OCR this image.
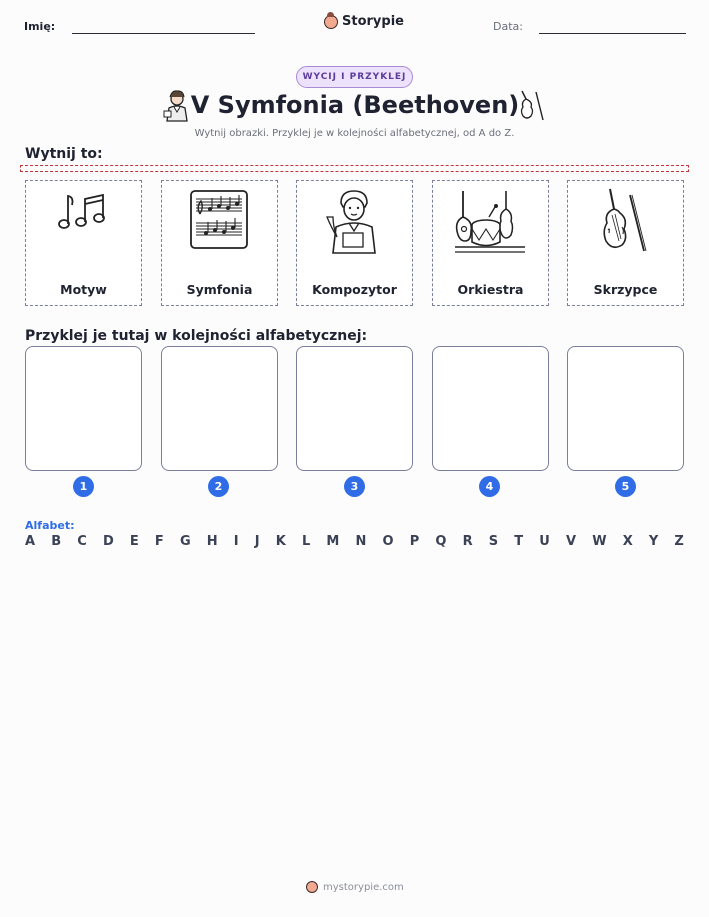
Imię:	Storypie	Data:
WYCIJ I PRZYKLEJ
V Symfonia (Beethoven)
Wytnij obrazki. Przyklej je w kolejności alfabetycznej, od A do Z.
Wytnij to:
Motyw	Symfonia	Kompozytor	Orkiestra	Skrzypce
Przyklej je tutaj w kolejności alfabetycznej:
1	2	3	4	5
Alfabet:
A B C D E F G H I J K L M N O P Q R S T U V W X Y Z
mystorypie.com
